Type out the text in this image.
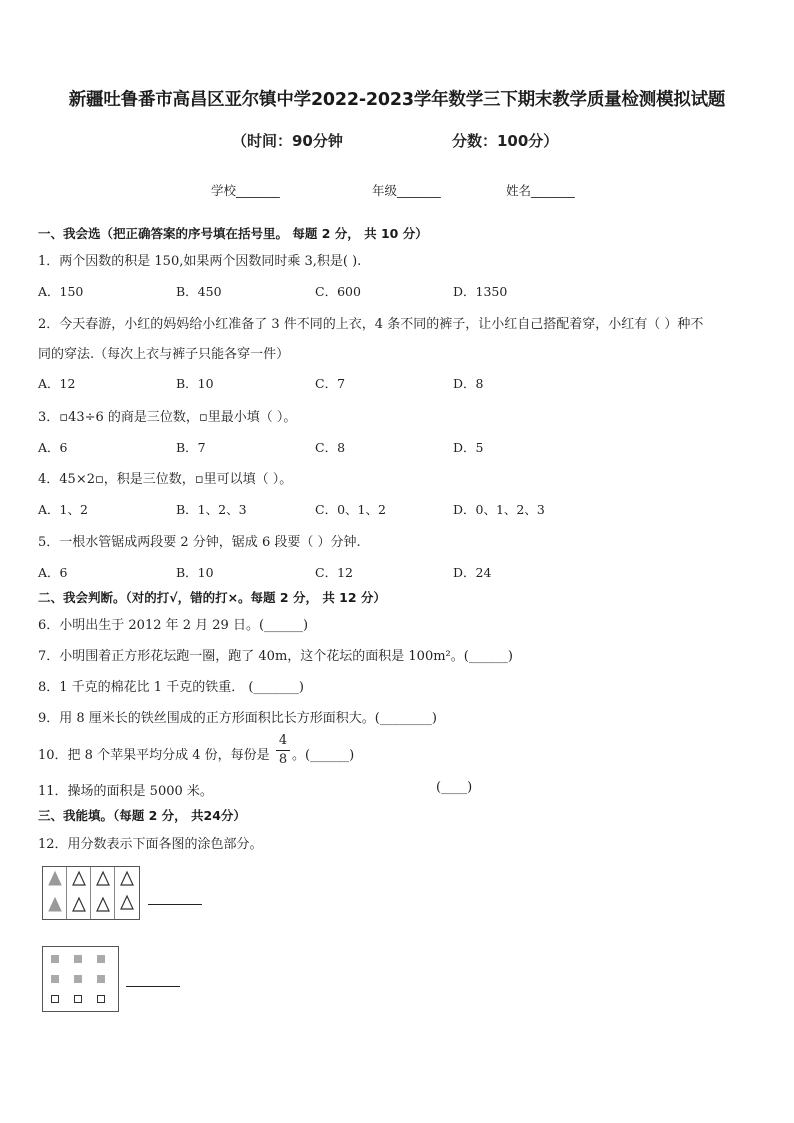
新疆吐鲁番市高昌区亚尔镇中学2022-2023学年数学三下期末教学质量检测模拟试题
（时间：90分钟	分数：100分）
学校_______	年级_______	姓名_______
一、我会选（把正确答案的序号填在括号里。 每题 2 分， 共 10 分）
1．两个因数的积是 150,如果两个因数同时乘 3,积是( ).
A．150	B．450	C．600	D．1350
2．今天春游，小红的妈妈给小红准备了 3 件不同的上衣，4 条不同的裤子，让小红自己搭配着穿，小红有（ ）种不
同的穿法.（每次上衣与裤子只能各穿一件）
A．12	B．10	C．7	D．8
3．▫43÷6 的商是三位数，▫里最小填（ ）。
A．6	B．7	C．8	D．5
4．45×2▫，积是三位数，▫里可以填（ ）。
A．1、2	B．1、2、3	C．0、1、2	D．0、1、2、3
5．一根水管锯成两段要 2 分钟，锯成 6 段要（ ）分钟.
A．6	B．10	C．12	D．24
二、我会判断。（对的打√，错的打×。每题 2 分， 共 12 分）
6．小明出生于 2012 年 2 月 29 日。(______)
7．小明围着正方形花坛跑一圈，跑了 40m，这个花坛的面积是 100m²。(______)
8．1 千克的棉花比 1 千克的铁重． (_______)
9．用 8 厘米长的铁丝围成的正方形面积比长方形面积大。(________)
10．把 8 个苹果平均分成 4 份，每份是
4
8 。(______)
11．操场的面积是 5000 米。	(____)
三、我能填。（每题 2 分， 共24分）
12．用分数表示下面各图的涂色部分。
